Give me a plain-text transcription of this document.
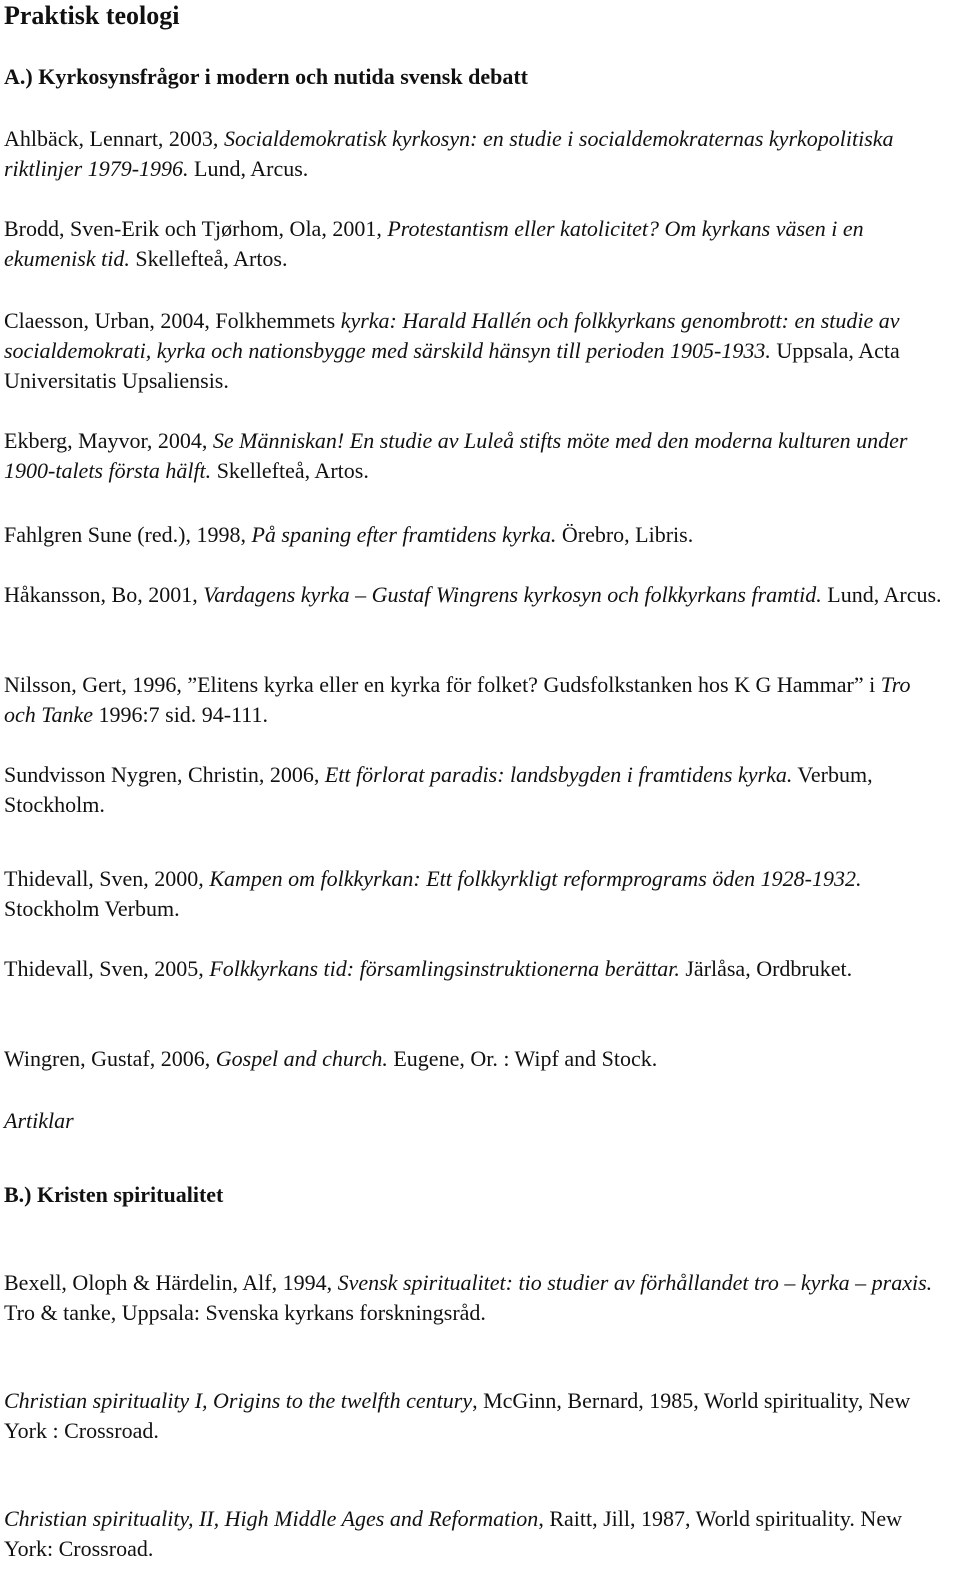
Praktisk teologi
A.) Kyrkosynsfrågor i modern och nutida svensk debatt
Ahlbäck, Lennart, 2003, Socialdemokratisk kyrkosyn: en studie i socialdemokraternas kyrkopolitiska riktlinjer 1979-1996. Lund, Arcus.
Brodd, Sven-Erik och Tjørhom, Ola, 2001, Protestantism eller katolicitet? Om kyrkans väsen i en ekumenisk tid. Skellefteå, Artos.
Claesson, Urban, 2004, Folkhemmets kyrka: Harald Hallén och folkkyrkans genombrott: en studie av socialdemokrati, kyrka och nationsbygge med särskild hänsyn till perioden 1905-1933. Uppsala, Acta Universitatis Upsaliensis.
Ekberg, Mayvor, 2004, Se Människan! En studie av Luleå stifts möte med den moderna kulturen under 1900-talets första hälft. Skellefteå, Artos.
Fahlgren Sune (red.), 1998, På spaning efter framtidens kyrka. Örebro, Libris.
Håkansson, Bo, 2001, Vardagens kyrka – Gustaf Wingrens kyrkosyn och folkkyrkans framtid. Lund, Arcus.
Nilsson, Gert, 1996, ”Elitens kyrka eller en kyrka för folket? Gudsfolkstanken hos K G Hammar” i Tro och Tanke 1996:7 sid. 94-111.
Sundvisson Nygren, Christin, 2006, Ett förlorat paradis: landsbygden i framtidens kyrka. Verbum, Stockholm.
Thidevall, Sven, 2000, Kampen om folkkyrkan: Ett folkkyrkligt reformprograms öden 1928-1932. Stockholm Verbum.
Thidevall, Sven, 2005, Folkkyrkans tid: församlingsinstruktionerna berättar. Järlåsa, Ordbruket.
Wingren, Gustaf, 2006, Gospel and church. Eugene, Or. : Wipf and Stock.
Artiklar
B.) Kristen spiritualitet
Bexell, Oloph & Härdelin, Alf, 1994, Svensk spiritualitet: tio studier av förhållandet tro – kyrka – praxis. Tro & tanke, Uppsala: Svenska kyrkans forskningsråd.
Christian spirituality I, Origins to the twelfth century, McGinn, Bernard, 1985, World spirituality, New York : Crossroad.
Christian spirituality, II, High Middle Ages and Reformation, Raitt, Jill, 1987, World spirituality. New York: Crossroad.
